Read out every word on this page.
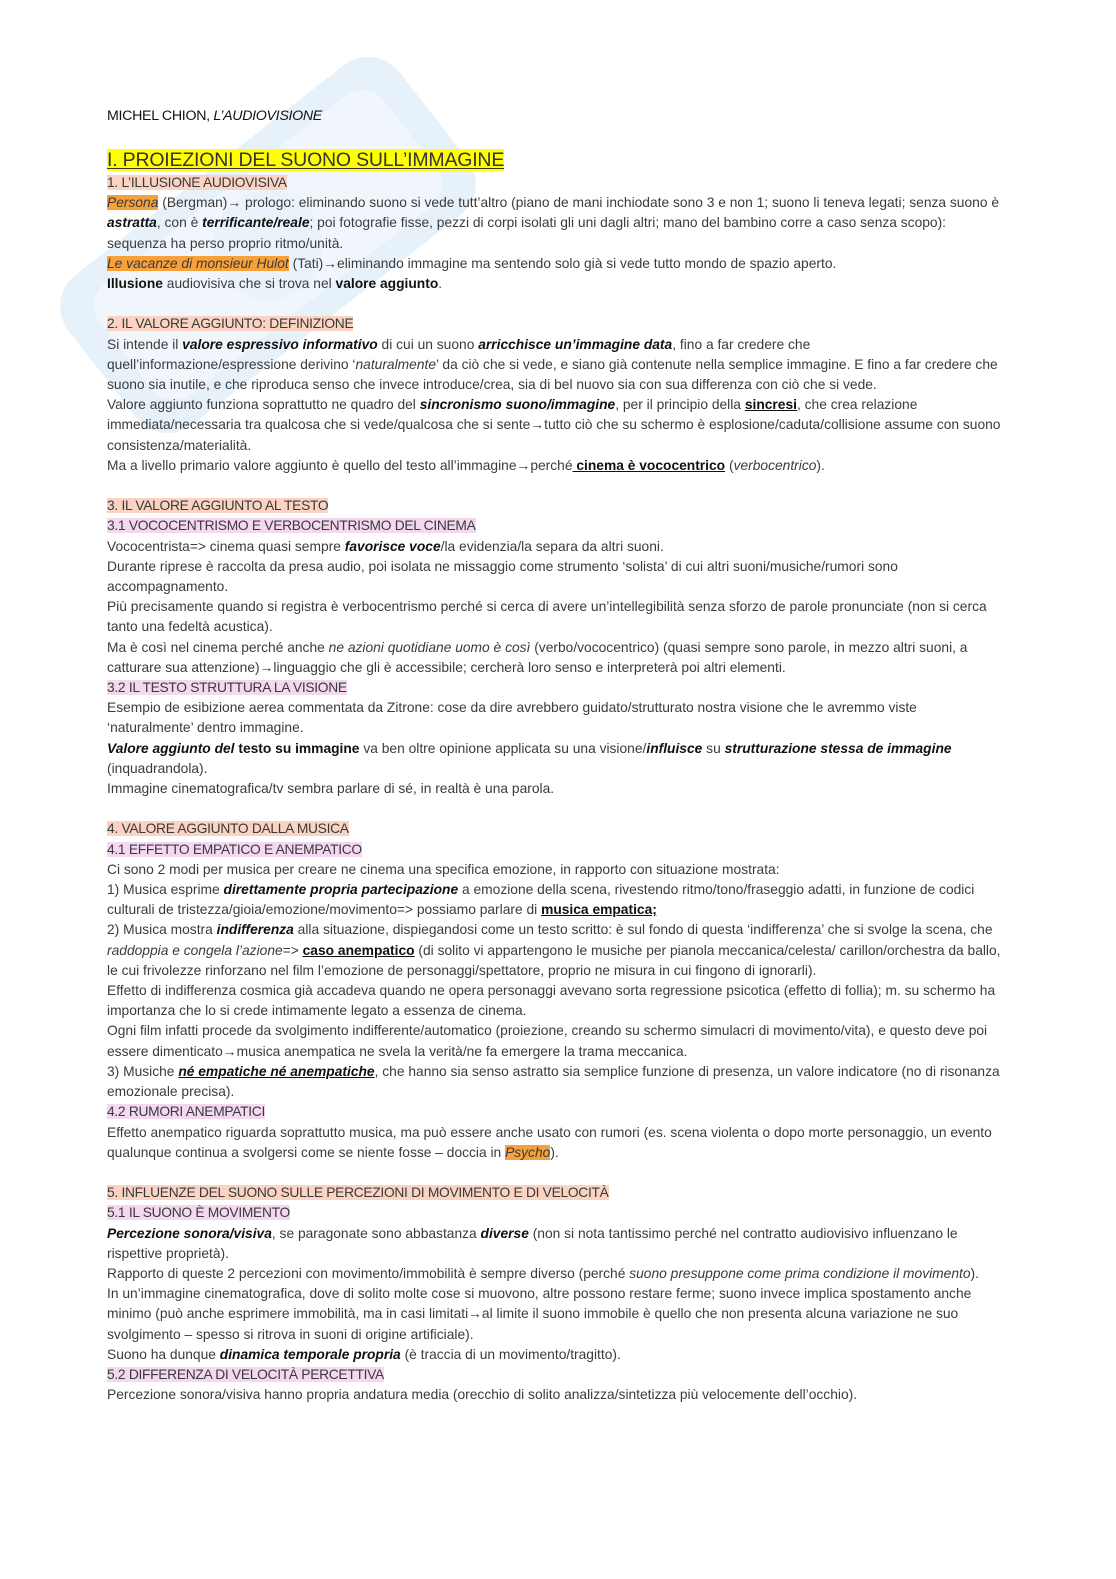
MICHEL CHION, L’AUDIOVISIONE

I. PROIEZIONI DEL SUONO SULL’IMMAGINE
1. L’ILLUSIONE AUDIOVISIVA

Persona (Bergman)→ prologo: eliminando suono si vede tutt’altro (piano de mani inchiodate sono 3 e non 1; suono li teneva legati; senza suono è astratta, con è terrificante/reale; poi fotografie fisse, pezzi di corpi isolati gli uni dagli altri; mano del bambino corre a caso senza scopo): sequenza ha perso proprio ritmo/unità.

Le vacanze di monsieur Hulot (Tati)→eliminando immagine ma sentendo solo già si vede tutto mondo de spazio aperto.

Illusione audiovisiva che si trova nel valore aggiunto.

2. IL VALORE AGGIUNTO: DEFINIZIONE

Si intende il valore espressivo informativo di cui un suono arricchisce un’immagine data, fino a far credere che quell’informazione/espressione derivino ‘naturalmente’ da ciò che si vede, e siano già contenute nella semplice immagine. E fino a far credere che suono sia inutile, e che riproduca senso che invece introduce/crea, sia di bel nuovo sia con sua differenza con ciò che si vede.

Valore aggiunto funziona soprattutto ne quadro del sincronismo suono/immagine, per il principio della sincresi, che crea relazione immediata/necessaria tra qualcosa che si vede/qualcosa che si sente→tutto ciò che su schermo è esplosione/caduta/collisione assume con suono consistenza/materialità.

Ma a livello primario valore aggiunto è quello del testo all’immagine→perché cinema è vococentrico (verbocentrico).

3. IL VALORE AGGIUNTO AL TESTO
3.1 VOCOCENTRISMO E VERBOCENTRISMO DEL CINEMA

Vococentrista=> cinema quasi sempre favorisce voce/la evidenzia/la separa da altri suoni.

Durante riprese è raccolta da presa audio, poi isolata ne missaggio come strumento ‘solista’ di cui altri suoni/musiche/rumori sono accompagnamento.

Più precisamente quando si registra è verbocentrismo perché si cerca di avere un’intellegibilità senza sforzo de parole pronunciate (non si cerca tanto una fedeltà acustica).

Ma è così nel cinema perché anche ne azioni quotidiane uomo è così (verbo/vococentrico) (quasi sempre sono parole, in mezzo altri suoni, a catturare sua attenzione)→linguaggio che gli è accessibile; cercherà loro senso e interpreterà poi altri elementi.

3.2 IL TESTO STRUTTURA LA VISIONE

Esempio de esibizione aerea commentata da Zitrone: cose da dire avrebbero guidato/strutturato nostra visione che le avremmo viste ‘naturalmente’ dentro immagine.

Valore aggiunto del testo su immagine va ben oltre opinione applicata su una visione/influisce su strutturazione stessa de immagine (inquadrandola).

Immagine cinematografica/tv sembra parlare di sé, in realtà è una parola.

4. VALORE AGGIUNTO DALLA MUSICA
4.1 EFFETTO EMPATICO E ANEMPATICO

Ci sono 2 modi per musica per creare ne cinema una specifica emozione, in rapporto con situazione mostrata:

1) Musica esprime direttamente propria partecipazione a emozione della scena, rivestendo ritmo/tono/fraseggio adatti, in funzione de codici culturali de tristezza/gioia/emozione/movimento=> possiamo parlare di musica empatica;

2) Musica mostra indifferenza alla situazione, dispiegandosi come un testo scritto: è sul fondo di questa ‘indifferenza’ che si svolge la scena, che raddoppia e congela l’azione=> caso anempatico (di solito vi appartengono le musiche per pianola meccanica/celesta/ carillon/orchestra da ballo, le cui frivolezze rinforzano nel film l’emozione de personaggi/spettatore, proprio ne misura in cui fingono di ignorarli).

Effetto di indifferenza cosmica già accadeva quando ne opera personaggi avevano sorta regressione psicotica (effetto di follia); m. su schermo ha importanza che lo si crede intimamente legato a essenza de cinema.

Ogni film infatti procede da svolgimento indifferente/automatico (proiezione, creando su schermo simulacri di movimento/vita), e questo deve poi essere dimenticato→musica anempatica ne svela la verità/ne fa emergere la trama meccanica.

3) Musiche né empatiche né anempatiche, che hanno sia senso astratto sia semplice funzione di presenza, un valore indicatore (no di risonanza emozionale precisa).

4.2 RUMORI ANEMPATICI

Effetto anempatico riguarda soprattutto musica, ma può essere anche usato con rumori (es. scena violenta o dopo morte personaggio, un evento qualunque continua a svolgersi come se niente fosse – doccia in Psycho).

5. INFLUENZE DEL SUONO SULLE PERCEZIONI DI MOVIMENTO E DI VELOCITÀ
5.1 IL SUONO È MOVIMENTO

Percezione sonora/visiva, se paragonate sono abbastanza diverse (non si nota tantissimo perché nel contratto audiovisivo influenzano le rispettive proprietà).

Rapporto di queste 2 percezioni con movimento/immobilità è sempre diverso (perché suono presuppone come prima condizione il movimento).

In un’immagine cinematografica, dove di solito molte cose si muovono, altre possono restare ferme; suono invece implica spostamento anche minimo (può anche esprimere immobilità, ma in casi limitati→al limite il suono immobile è quello che non presenta alcuna variazione ne suo svolgimento – spesso si ritrova in suoni di origine artificiale).

Suono ha dunque dinamica temporale propria (è traccia di un movimento/tragitto).

5.2 DIFFERENZA DI VELOCITÀ PERCETTIVA

Percezione sonora/visiva hanno propria andatura media (orecchio di solito analizza/sintetizza più velocemente dell’occhio).
